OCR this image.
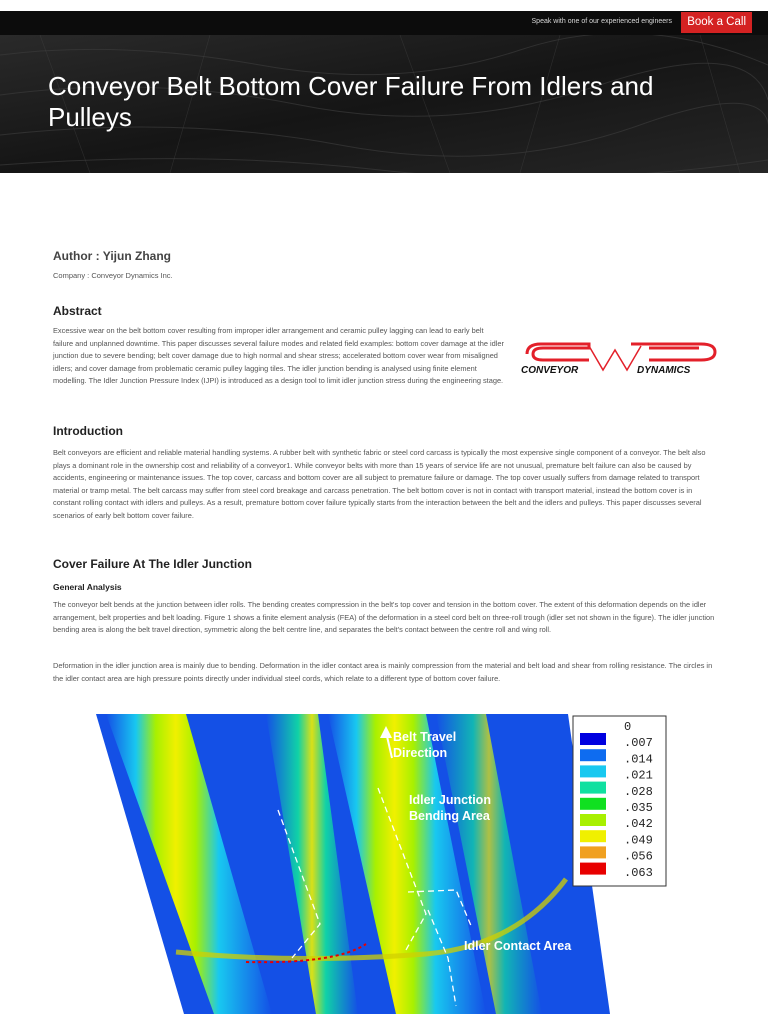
Speak with one of our experienced engineers	Book a Call
Conveyor Belt Bottom Cover Failure From Idlers and Pulleys
Author : Yijun Zhang
Company : Conveyor Dynamics Inc.
Abstract

Excessive wear on the belt bottom cover resulting from improper idler arrangement and ceramic pulley lagging can lead to early belt failure and unplanned downtime. This paper discusses several failure modes and related field examples: bottom cover damage at the idler junction due to severe bending; belt cover damage due to high normal and shear stress; accelerated bottom cover wear from misaligned idlers; and cover damage from problematic ceramic pulley lagging tiles. The idler junction bending is analysed using finite element modelling. The Idler Junction Pressure Index (IJPI) is introduced as a design tool to limit idler junction stress during the engineering stage.

Introduction

Belt conveyors are efficient and reliable material handling systems. A rubber belt with synthetic fabric or steel cord carcass is typically the most expensive single component of a conveyor. The belt also plays a dominant role in the ownership cost and reliability of a conveyor1. While conveyor belts with more than 15 years of service life are not unusual, premature belt failure can also be caused by accidents, engineering or maintenance issues. The top cover, carcass and bottom cover are all subject to premature failure or damage. The top cover usually suffers from damage related to transport material or tramp metal. The belt carcass may suffer from steel cord breakage and carcass penetration. The belt bottom cover is not in contact with transport material, instead the bottom cover is in constant rolling contact with idlers and pulleys. As a result, premature bottom cover failure typically starts from the interaction between the belt and the idlers and pulleys. This paper discusses several scenarios of early belt bottom cover failure.

Cover Failure At The Idler Junction
General Analysis

The conveyor belt bends at the junction between idler rolls. The bending creates compression in the belt's top cover and tension in the bottom cover. The extent of this deformation depends on the idler arrangement, belt properties and belt loading. Figure 1 shows a finite element analysis (FEA) of the deformation in a steel cord belt on three-roll trough (idler set not shown in the figure). The idler junction bending area is along the belt travel direction, symmetric along the belt centre line, and separates the belt's contact between the centre roll and wing roll.

Deformation in the idler junction area is mainly due to bending. Deformation in the idler contact area is mainly compression from the material and belt load and shear from rolling resistance. The circles in the idler contact area are high pressure points directly under individual steel cords, which relate to a different type of bottom cover failure.

CONVEYOR	DYNAMICS
Belt Travel
Direction
Idler Junction
Bending Area
Idler Contact Area
0
.007
.014
.021
.028
.035
.042
.049
.056
.063
